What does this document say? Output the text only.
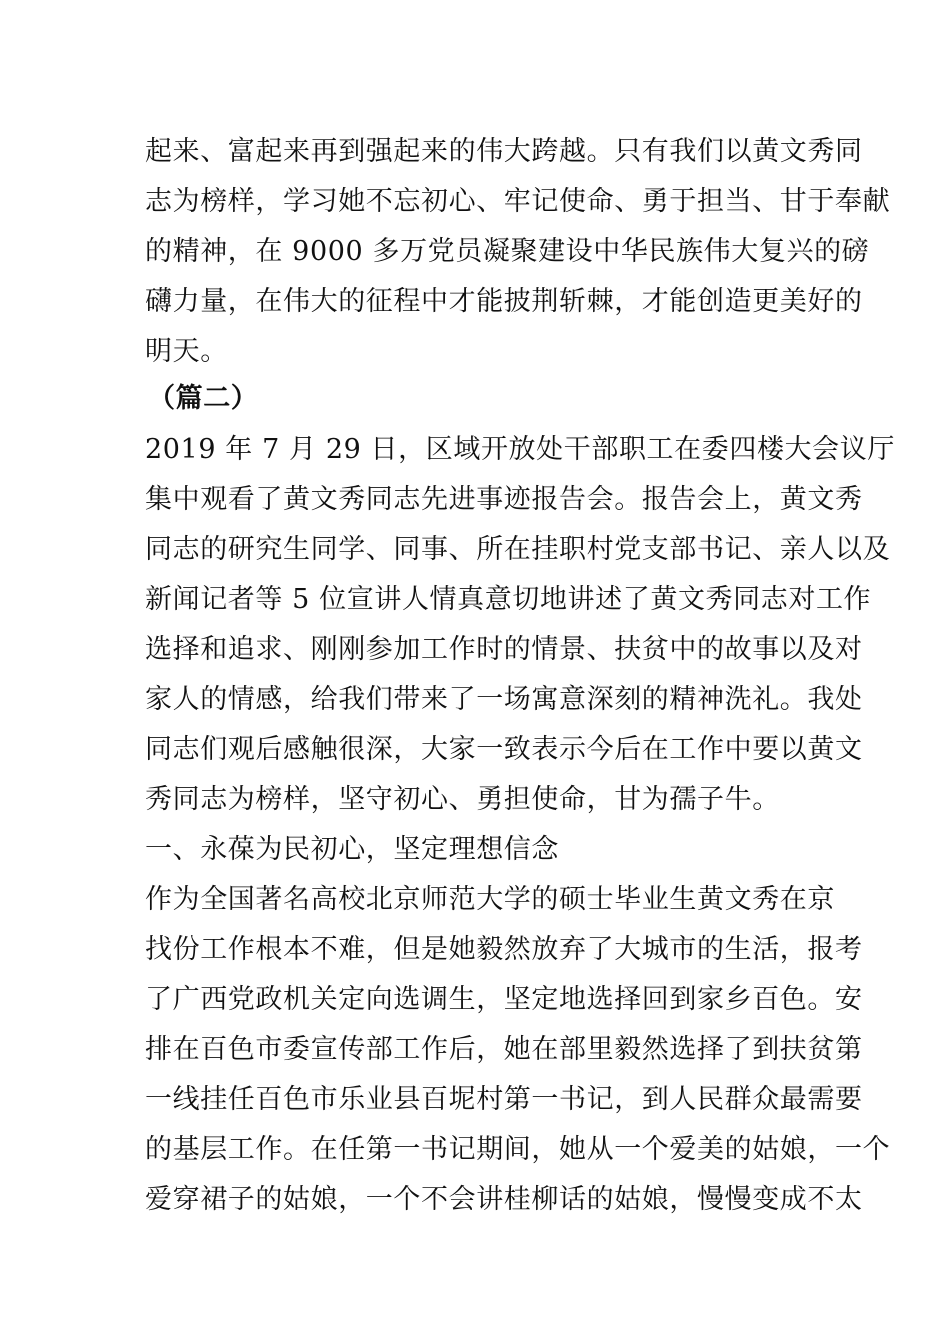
起来、富起来再到强起来的伟大跨越。只有我们以黄文秀同
志为榜样，学习她不忘初心、牢记使命、勇于担当、甘于奉献
的精神，在 9000 多万党员凝聚建设中华民族伟大复兴的磅
礴力量，在伟大的征程中才能披荆斩棘，才能创造更美好的
明天。
（篇二）
2019 年 7 月 29 日，区域开放处干部职工在委四楼大会议厅
集中观看了黄文秀同志先进事迹报告会。报告会上，黄文秀
同志的研究生同学、同事、所在挂职村党支部书记、亲人以及
新闻记者等 5 位宣讲人情真意切地讲述了黄文秀同志对工作
选择和追求、刚刚参加工作时的情景、扶贫中的故事以及对
家人的情感，给我们带来了一场寓意深刻的精神洗礼。我处
同志们观后感触很深，大家一致表示今后在工作中要以黄文
秀同志为榜样，坚守初心、勇担使命，甘为孺子牛。
一、永葆为民初心，坚定理想信念
作为全国著名高校北京师范大学的硕士毕业生黄文秀在京
找份工作根本不难，但是她毅然放弃了大城市的生活，报考
了广西党政机关定向选调生，坚定地选择回到家乡百色。安
排在百色市委宣传部工作后，她在部里毅然选择了到扶贫第
一线挂任百色市乐业县百坭村第一书记，到人民群众最需要
的基层工作。在任第一书记期间，她从一个爱美的姑娘，一个
爱穿裙子的姑娘，一个不会讲桂柳话的姑娘，慢慢变成不太
